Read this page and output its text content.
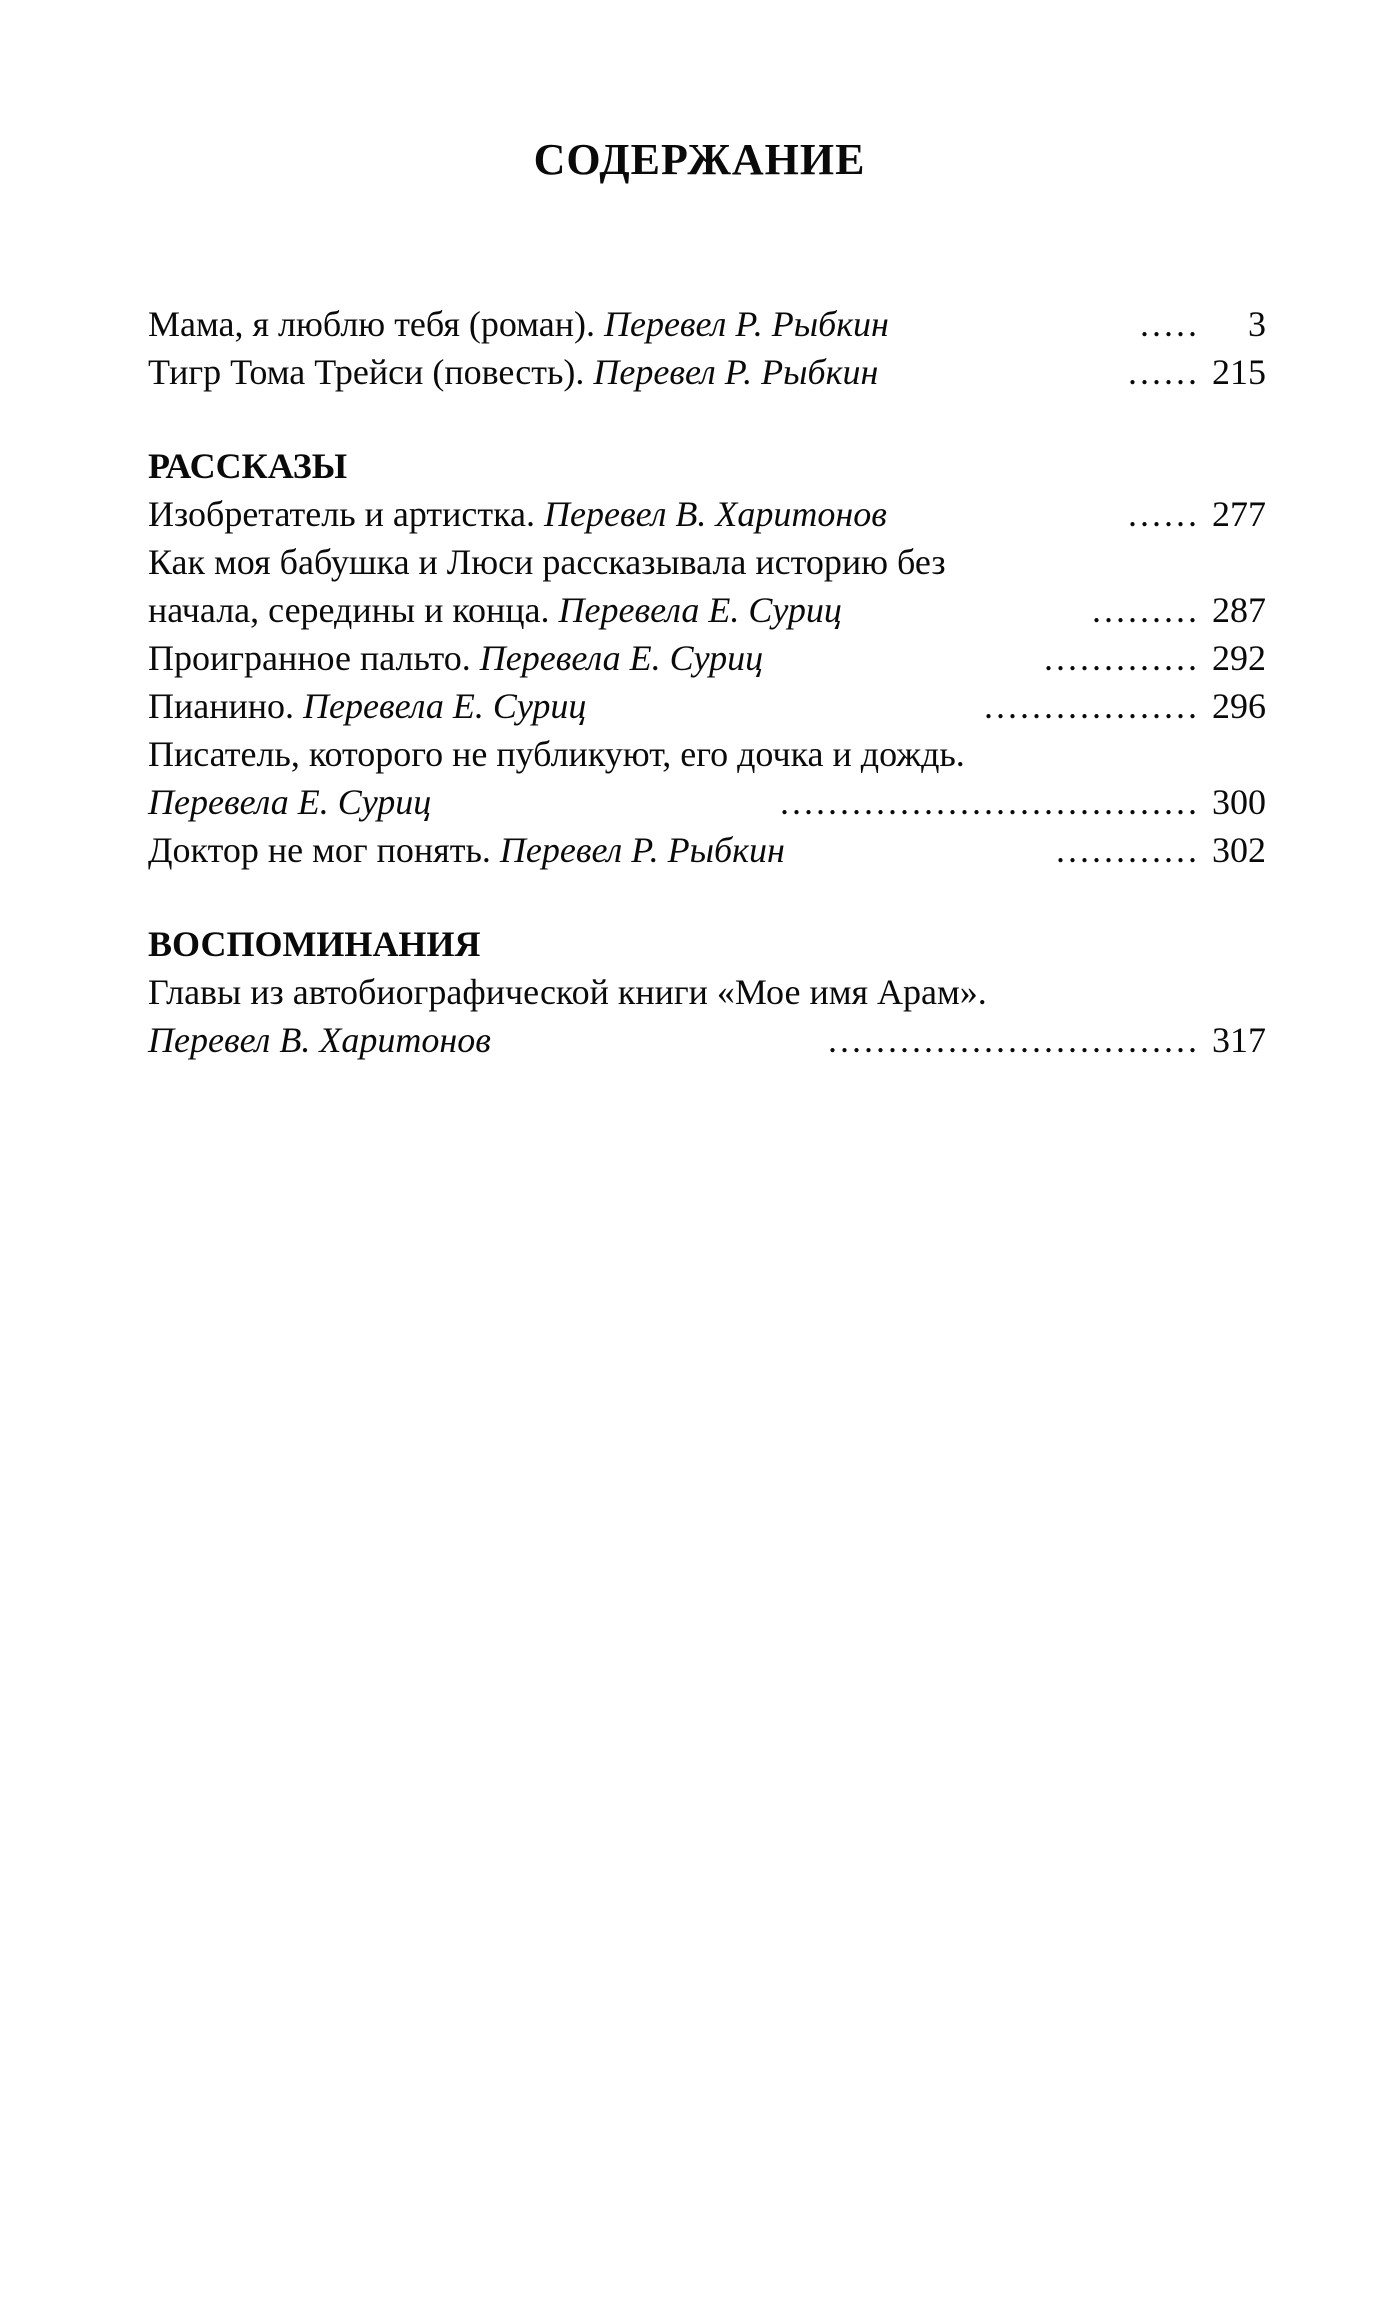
СОДЕРЖАНИЕ
Мама, я люблю тебя (роман).
Перевел Р. Рыбкин	.....	3
Тигр Тома Трейси (повесть).
Перевел Р. Рыбкин	...... 215
РАССКАЗЫ
Изобретатель и артистка.
Перевел В. Харитонов	...... 277
Как моя бабушка и Люси рассказывала историю без
начала, середины и конца.
Перевела Е. Суриц	......... 287
Проигранное пальто.
Перевела Е. Суриц	............. 292
Пианино.
Перевела Е. Суриц	.................. 296
Писатель, которого не публикуют, его дочка и дождь.
Перевела Е. Суриц	................................... 300
Доктор не мог понять.
Перевел Р. Рыбкин	............ 302
ВОСПОМИНАНИЯ
Главы из автобиографической книги «Мое имя Арам».
Перевел В. Харитонов	............................... 317
